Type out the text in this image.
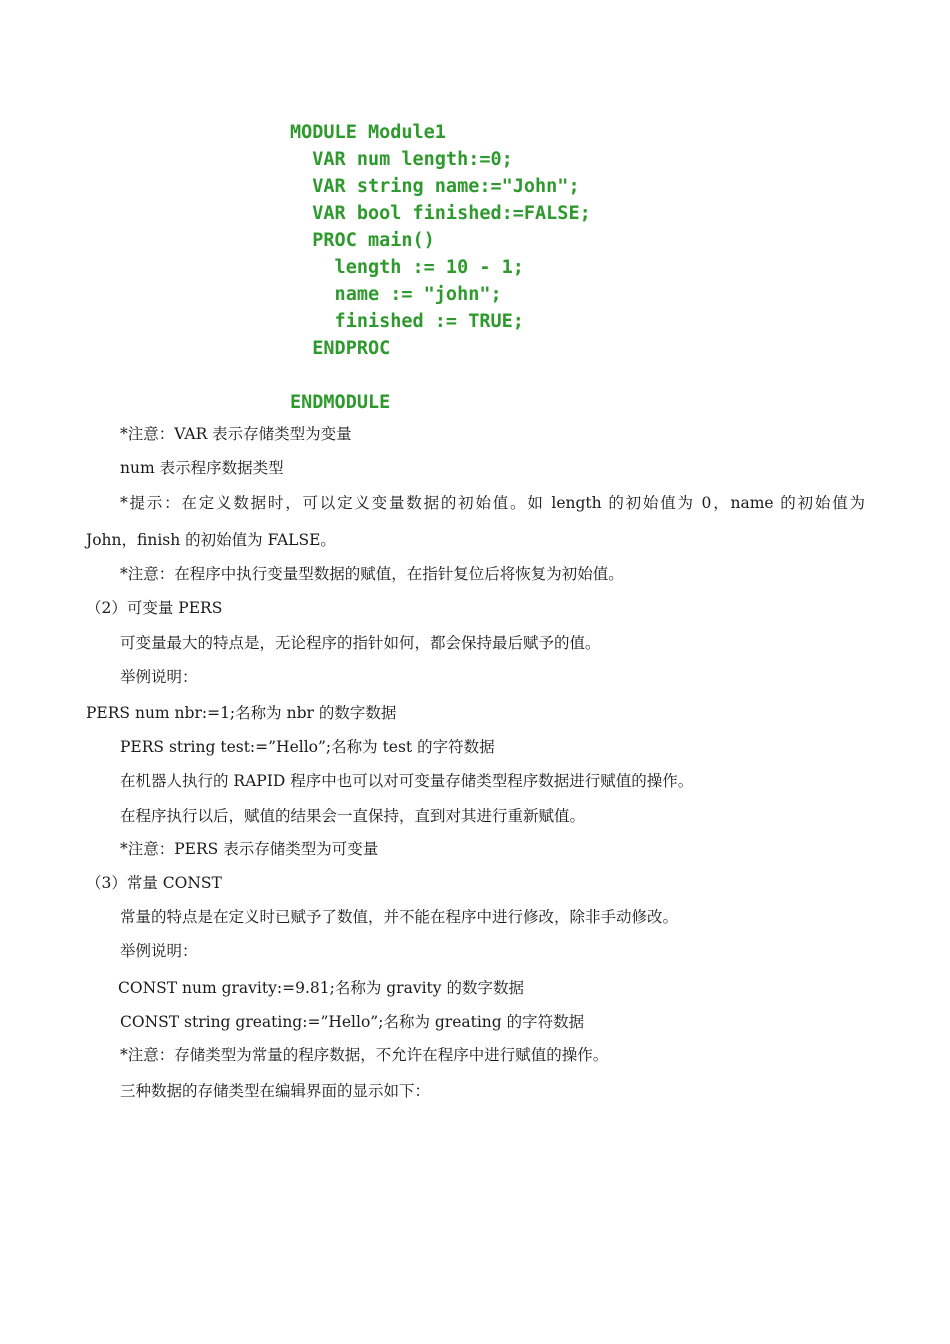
MODULE Module1
VAR num length:=0;
VAR string name:="John";
VAR bool finished:=FALSE;
PROC main()
length := 10 - 1;
name := "john";
finished := TRUE;
ENDPROC
ENDMODULE
*注意：VAR 表示存储类型为变量
num 表示程序数据类型
*提示：在定义数据时，可以定义变量数据的初始值。如 length 的初始值为 0，name 的初始值为
John，finish 的初始值为 FALSE。
*注意：在程序中执行变量型数据的赋值，在指针复位后将恢复为初始值。
（2）可变量 PERS
可变量最大的特点是，无论程序的指针如何，都会保持最后赋予的值。
举例说明：
PERS num nbr:=1;名称为 nbr 的数字数据
PERS string test:=”Hello”;名称为 test 的字符数据
在机器人执行的 RAPID 程序中也可以对可变量存储类型程序数据进行赋值的操作。
在程序执行以后，赋值的结果会一直保持，直到对其进行重新赋值。
*注意：PERS 表示存储类型为可变量
（3）常量 CONST
常量的特点是在定义时已赋予了数值，并不能在程序中进行修改，除非手动修改。
举例说明：
CONST num gravity:=9.81;名称为 gravity 的数字数据
CONST string greating:=”Hello”;名称为 greating 的字符数据
*注意：存储类型为常量的程序数据，不允许在程序中进行赋值的操作。
三种数据的存储类型在编辑界面的显示如下：
